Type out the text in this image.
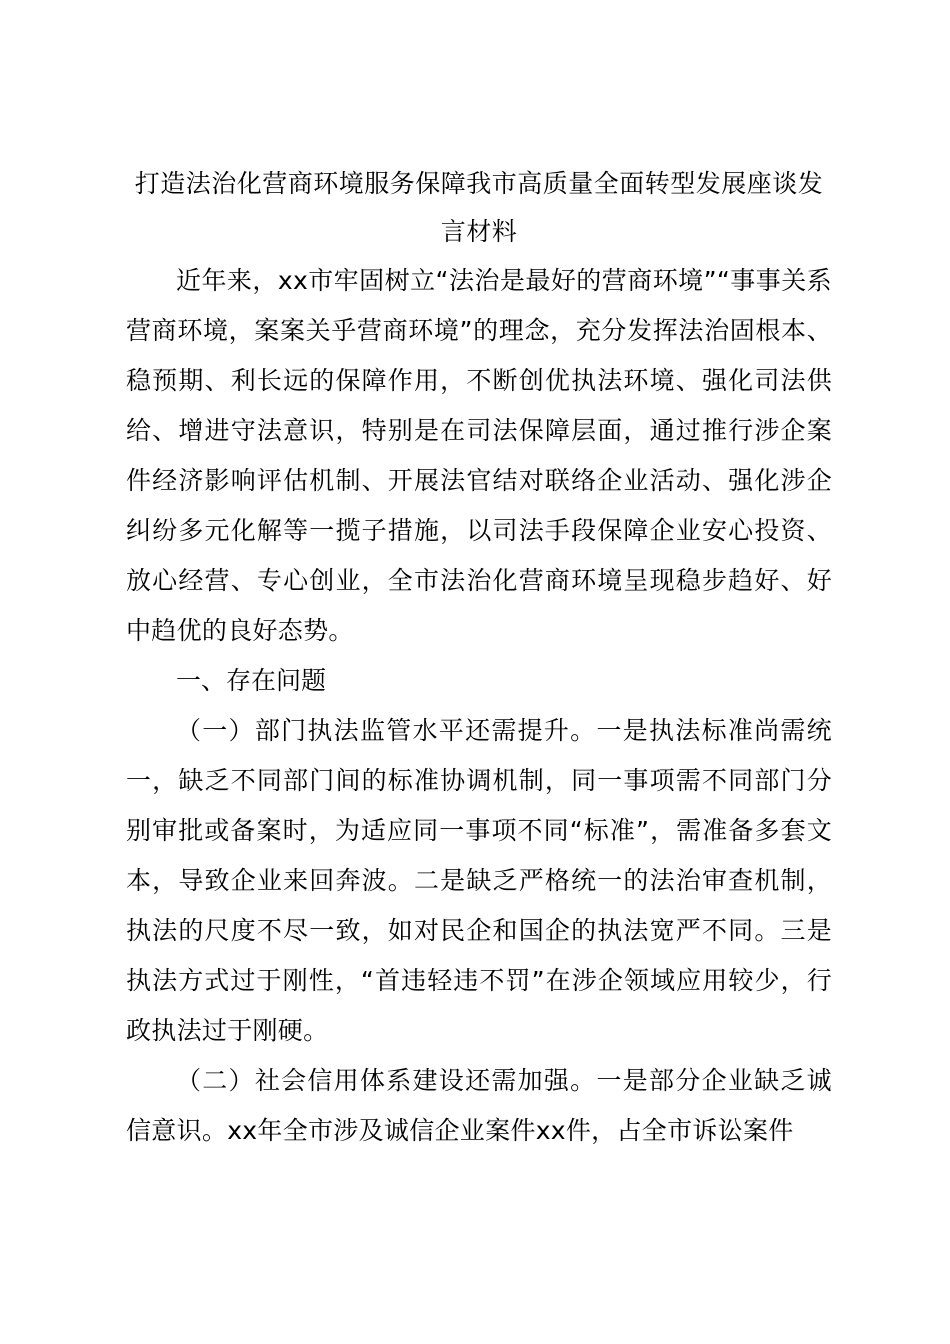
打造法治化营商环境服务保障我市高质量全面转型发展座谈发
言材料

近年来，xx市牢固树立“法治是最好的营商环境”“事事关系营商环境，案案关乎营商环境”的理念，充分发挥法治固根本、稳预期、利长远的保障作用，不断创优执法环境、强化司法供给、增进守法意识，特别是在司法保障层面，通过推行涉企案件经济影响评估机制、开展法官结对联络企业活动、强化涉企纠纷多元化解等一揽子措施，以司法手段保障企业安心投资、放心经营、专心创业，全市法治化营商环境呈现稳步趋好、好中趋优的良好态势。

一、存在问题

（一）部门执法监管水平还需提升。一是执法标准尚需统一，缺乏不同部门间的标准协调机制，同一事项需不同部门分别审批或备案时，为适应同一事项不同“标准”，需准备多套文本，导致企业来回奔波。二是缺乏严格统一的法治审查机制，执法的尺度不尽一致，如对民企和国企的执法宽严不同。三是执法方式过于刚性，“首违轻违不罚”在涉企领域应用较少，行政执法过于刚硬。

（二）社会信用体系建设还需加强。一是部分企业缺乏诚信意识。xx年全市涉及诚信企业案件xx件，占全市诉讼案件
